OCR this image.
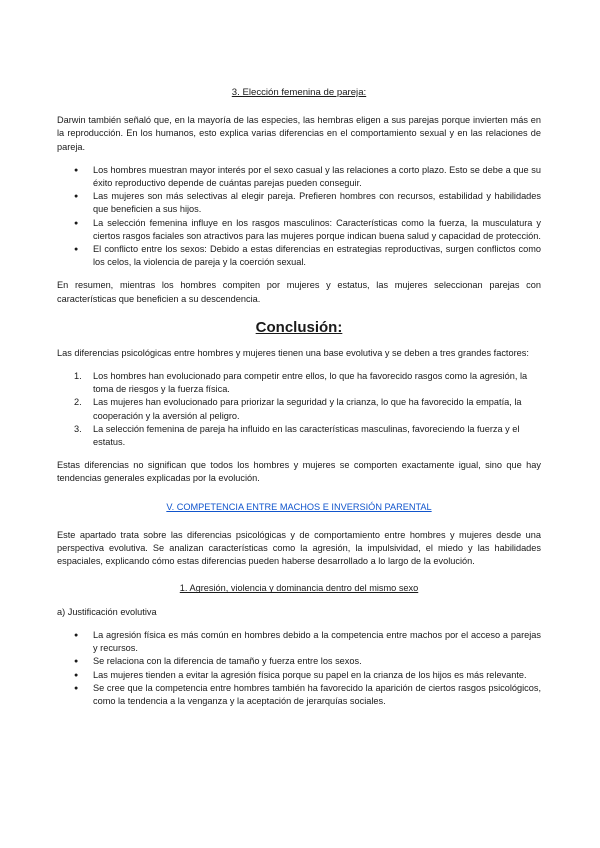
3. Elección femenina de pareja:

Darwin también señaló que, en la mayoría de las especies, las hembras eligen a sus parejas porque invierten más en la reproducción. En los humanos, esto explica varias diferencias en el comportamiento sexual y en las relaciones de pareja.

● Los hombres muestran mayor interés por el sexo casual y las relaciones a corto plazo. Esto se debe a que su éxito reproductivo depende de cuántas parejas pueden conseguir.
● Las mujeres son más selectivas al elegir pareja. Prefieren hombres con recursos, estabilidad y habilidades que beneficien a sus hijos.
● La selección femenina influye en los rasgos masculinos: Características como la fuerza, la musculatura y ciertos rasgos faciales son atractivos para las mujeres porque indican buena salud y capacidad de protección.
● El conflicto entre los sexos: Debido a estas diferencias en estrategias reproductivas, surgen conflictos como los celos, la violencia de pareja y la coerción sexual.

En resumen, mientras los hombres compiten por mujeres y estatus, las mujeres seleccionan parejas con características que beneficien a su descendencia.

Conclusión:

Las diferencias psicológicas entre hombres y mujeres tienen una base evolutiva y se deben a tres grandes factores:

1. Los hombres han evolucionado para competir entre ellos, lo que ha favorecido rasgos como la agresión, la toma de riesgos y la fuerza física.
2. Las mujeres han evolucionado para priorizar la seguridad y la crianza, lo que ha favorecido la empatía, la cooperación y la aversión al peligro.
3. La selección femenina de pareja ha influido en las características masculinas, favoreciendo la fuerza y el estatus.

Estas diferencias no significan que todos los hombres y mujeres se comporten exactamente igual, sino que hay tendencias generales explicadas por la evolución.

V. COMPETENCIA ENTRE MACHOS E INVERSIÓN PARENTAL

Este apartado trata sobre las diferencias psicológicas y de comportamiento entre hombres y mujeres desde una perspectiva evolutiva. Se analizan características como la agresión, la impulsividad, el miedo y las habilidades espaciales, explicando cómo estas diferencias pueden haberse desarrollado a lo largo de la evolución.

1. Agresión, violencia y dominancia dentro del mismo sexo
a) Justificación evolutiva
● La agresión física es más común en hombres debido a la competencia entre machos por el acceso a parejas y recursos.
● Se relaciona con la diferencia de tamaño y fuerza entre los sexos.
● Las mujeres tienden a evitar la agresión física porque su papel en la crianza de los hijos es más relevante.
● Se cree que la competencia entre hombres también ha favorecido la aparición de ciertos rasgos psicológicos, como la tendencia a la venganza y la aceptación de jerarquías sociales.
